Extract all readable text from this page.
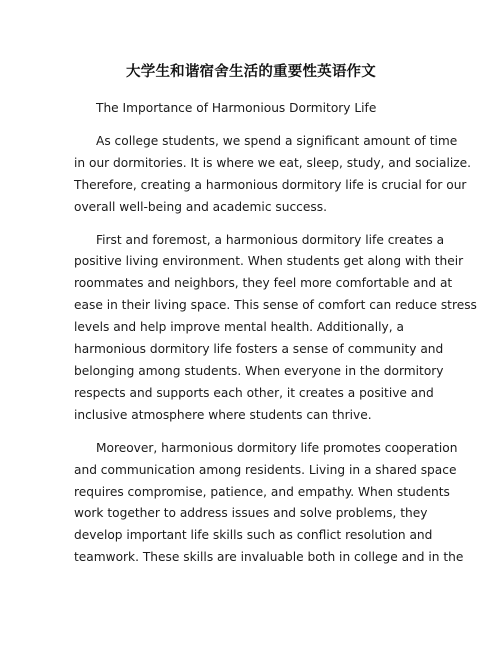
大学生和谐宿舍生活的重要性英语作文

The Importance of Harmonious Dormitory Life

As college students, we spend a significant amount of time
in our dormitories. It is where we eat, sleep, study, and socialize.
Therefore, creating a harmonious dormitory life is crucial for our
overall well-being and academic success.

First and foremost, a harmonious dormitory life creates a
positive living environment. When students get along with their
roommates and neighbors, they feel more comfortable and at
ease in their living space. This sense of comfort can reduce stress
levels and help improve mental health. Additionally, a
harmonious dormitory life fosters a sense of community and
belonging among students. When everyone in the dormitory
respects and supports each other, it creates a positive and
inclusive atmosphere where students can thrive.

Moreover, harmonious dormitory life promotes cooperation
and communication among residents. Living in a shared space
requires compromise, patience, and empathy. When students
work together to address issues and solve problems, they
develop important life skills such as conflict resolution and
teamwork. These skills are invaluable both in college and in the
